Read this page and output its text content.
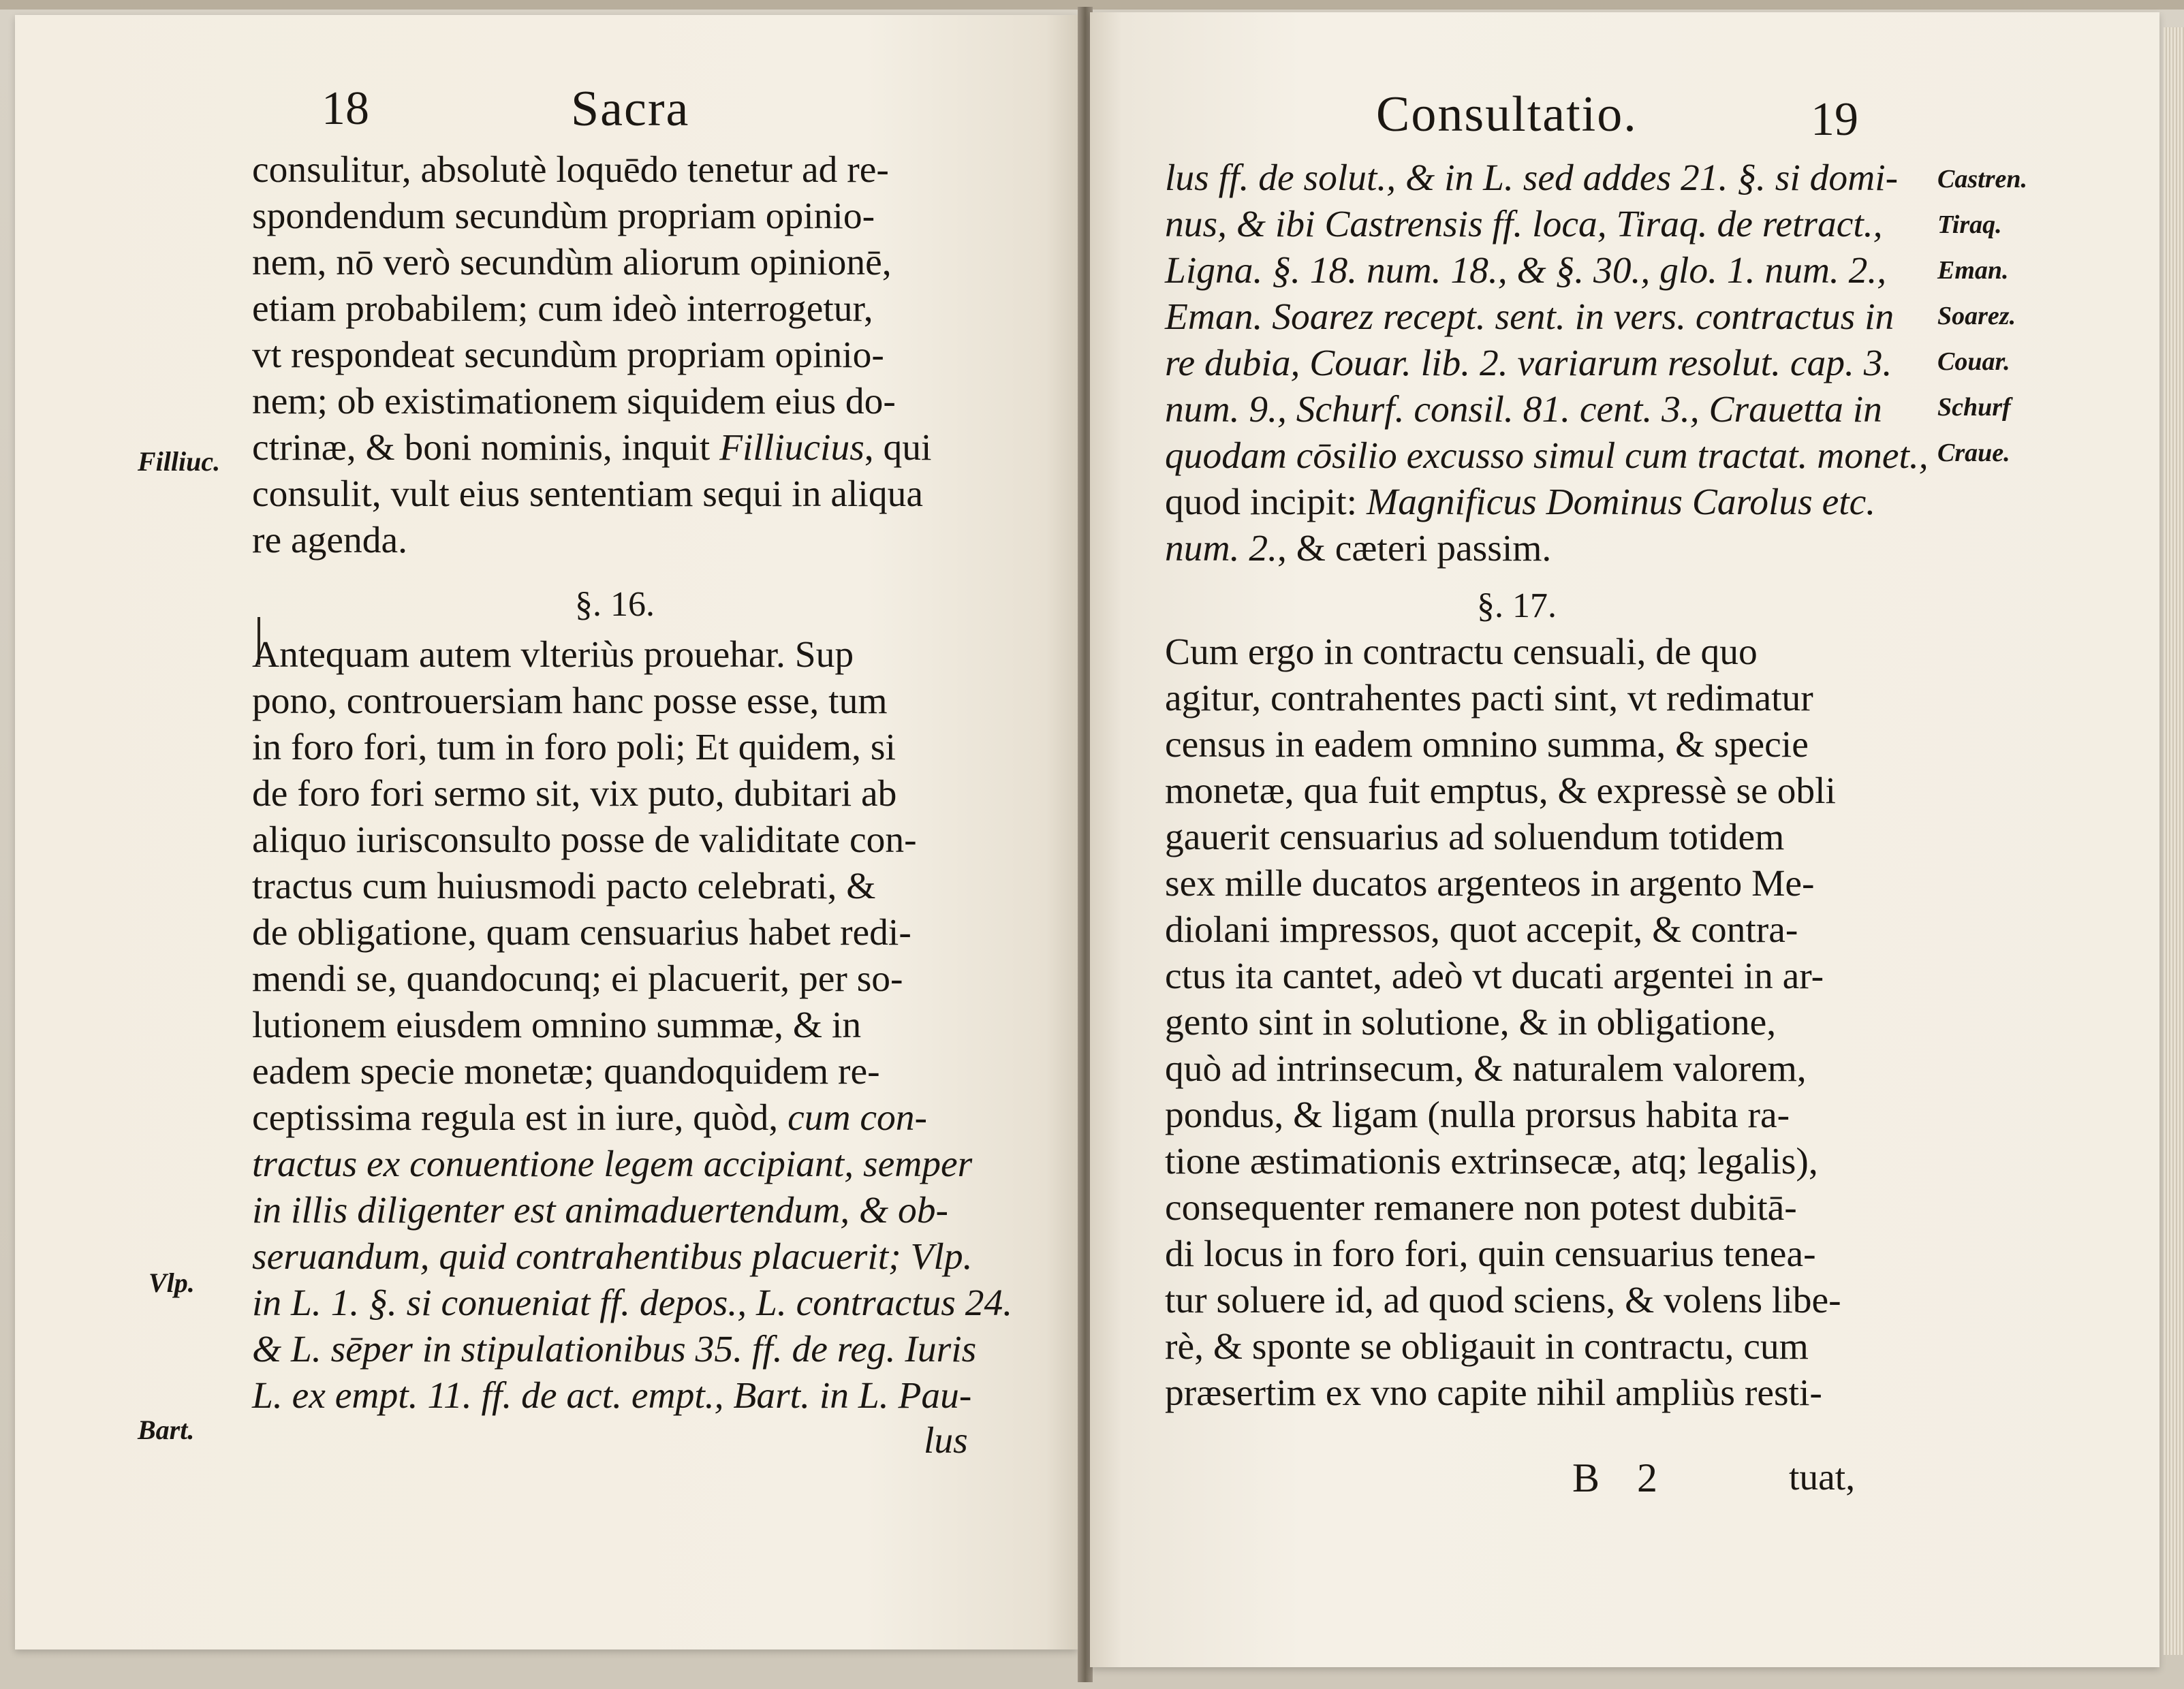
18	Sacra
consulitur, absolutè loquēdo tenetur ad re-
spondendum secundùm propriam opinio-
nem, nō verò secundùm aliorum opinionē,
etiam probabilem; cum ideò interrogetur,
vt respondeat secundùm propriam opinio-
nem; ob existimationem siquidem eius do-
ctrinæ, & boni nominis, inquit Filliucius, qui
consulit, vult eius sententiam sequi in aliqua
re agenda.
§. 16.
Antequam autem vlteriùs prouehar. Sup
pono, controuersiam hanc posse esse, tum
in foro fori, tum in foro poli; Et quidem, si
de foro fori sermo sit, vix puto, dubitari ab
aliquo iurisconsulto posse de validitate con-
tractus cum huiusmodi pacto celebrati, &
de obligatione, quam censuarius habet redi-
mendi se, quandocunq; ei placuerit, per so-
lutionem eiusdem omnino summæ, & in
eadem specie monetæ; quandoquidem re-
ceptissima regula est in iure, quòd, cum con-
tractus ex conuentione legem accipiant, semper
in illis diligenter est animaduertendum, & ob-
seruandum, quid contrahentibus placuerit; Vlp.
in L. 1. §. si conueniat ff. depos., L. contractus 24.
& L. sēper in stipulationibus 35. ff. de reg. Iuris
L. ex empt. 11. ff. de act. empt., Bart. in L. Pau-
lus
Filliuc.
Vlp.
Bart.
Consultatio.	19
lus ff. de solut., & in L. sed addes 21. §. si domi-
nus, & ibi Castrensis ff. loca, Tiraq. de retract.,
Ligna. §. 18. num. 18., & §. 30., glo. 1. num. 2.,
Eman. Soarez recept. sent. in vers. contractus in
re dubia, Couar. lib. 2. variarum resolut. cap. 3.
num. 9., Schurf. consil. 81. cent. 3., Crauetta in
quodam cōsilio excusso simul cum tractat. monet.,
quod incipit: Magnificus Dominus Carolus etc.
num. 2., & cæteri passim.
§. 17.
Cum ergo in contractu censuali, de quo
agitur, contrahentes pacti sint, vt redimatur
census in eadem omnino summa, & specie
monetæ, qua fuit emptus, & expressè se obli
gauerit censuarius ad soluendum totidem
sex mille ducatos argenteos in argento Me-
diolani impressos, quot accepit, & contra-
ctus ita cantet, adeò vt ducati argentei in ar-
gento sint in solutione, & in obligatione,
quò ad intrinsecum, & naturalem valorem,
pondus, & ligam (nulla prorsus habita ra-
tione æstimationis extrinsecæ, atq; legalis),
consequenter remanere non potest dubitā-
di locus in foro fori, quin censuarius tenea-
tur soluere id, ad quod sciens, & volens libe-
rè, & sponte se obligauit in contractu, cum
præsertim ex vno capite nihil ampliùs resti-
B 2	tuat,
Castren.
Tiraq.
Eman.
Soarez.
Couar.
Schurf
Craue.
